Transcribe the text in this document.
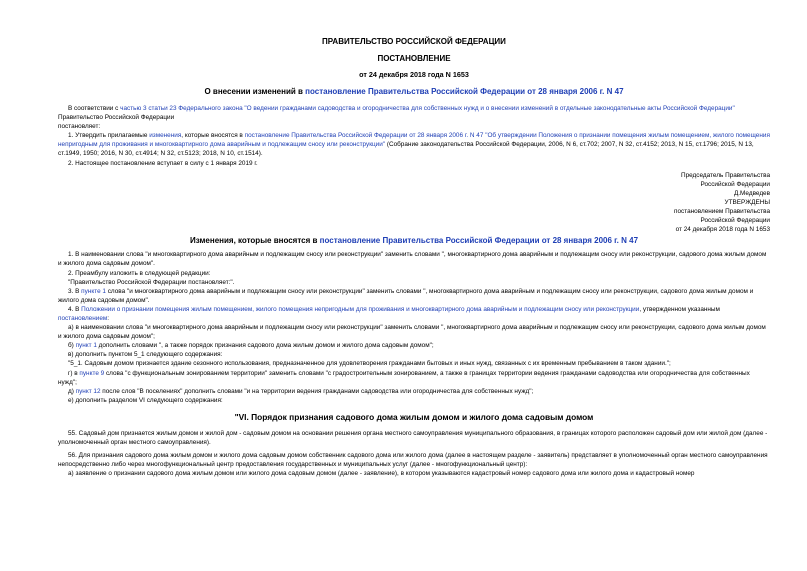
ПРАВИТЕЛЬСТВО РОССИЙСКОЙ ФЕДЕРАЦИИ

ПОСТАНОВЛЕНИЕ

от 24 декабря 2018 года N 1653

О внесении изменений в постановление Правительства Российской Федерации от 28 января 2006 г. N 47

В соответствии с частью 3 статьи 23 Федерального закона "О ведении гражданами садоводства и огородничества для собственных нужд и о внесении изменений в отдельные законодательные акты Российской Федерации" Правительство Российской Федерации

постановляет:

1. Утвердить прилагаемые изменения, которые вносятся в постановление Правительства Российской Федерации от 28 января 2006 г. N 47 "Об утверждении Положения о признании помещения жилым помещением, жилого помещения непригодным для проживания и многоквартирного дома аварийным и подлежащим сносу или реконструкции" (Собрание законодательства Российской Федерации, 2006, N 6, ст.702; 2007, N 32, ст.4152; 2013, N 15, ст.1796; 2015, N 13, ст.1949, 1950; 2016, N 30, ст.4914; N 32, ст.5123; 2018, N 10, ст.1514).

2. Настоящее постановление вступает в силу с 1 января 2019 г.

Председатель Правительства

Российской Федерации

Д.Медведев

УТВЕРЖДЕНЫ

постановлением Правительства

Российской Федерации

от 24 декабря 2018 года N 1653

Изменения, которые вносятся в постановление Правительства Российской Федерации от 28 января 2006 г. N 47

1. В наименовании слова "и многоквартирного дома аварийным и подлежащим сносу или реконструкции" заменить словами ", многоквартирного дома аварийным и подлежащим сносу или реконструкции, садового дома жилым домом и жилого дома садовым домом".

2. Преамбулу изложить в следующей редакции:

"Правительство Российской Федерации постановляет:".

3. В пункте 1 слова "и многоквартирного дома аварийным и подлежащим сносу или реконструкции" заменить словами ", многоквартирного дома аварийным и подлежащим сносу или реконструкции, садового дома жилым домом и жилого дома садовым домом".

4. В Положении о признании помещения жилым помещением, жилого помещения непригодным для проживания и многоквартирного дома аварийным и подлежащим сносу или реконструкции, утвержденном указанным постановлением:

а) в наименовании слова "и многоквартирного дома аварийным и подлежащим сносу или реконструкции" заменить словами ", многоквартирного дома аварийным и подлежащим сносу или реконструкции, садового дома жилым домом и жилого дома садовым домом";

б) пункт 1 дополнить словами ", а также порядок признания садового дома жилым домом и жилого дома садовым домом";

в) дополнить пунктом 5_1 следующего содержания:

"5_1. Садовым домом признается здание сезонного использования, предназначенное для удовлетворения гражданами бытовых и иных нужд, связанных с их временным пребыванием в таком здании.";

г) в пункте 9 слова "с функциональным зонированием территории" заменить словами "с градостроительным зонированием, а также в границах территории ведения гражданами садоводства или огородничества для собственных нужд";

д) пункт 12 после слов "В поселениях" дополнить словами "и на территории ведения гражданами садоводства или огородничества для собственных нужд";

е) дополнить разделом VI следующего содержания:

"VI. Порядок признания садового дома жилым домом и жилого дома садовым домом

55. Садовый дом признается жилым домом и жилой дом - садовым домом на основании решения органа местного самоуправления муниципального образования, в границах которого расположен садовый дом или жилой дом (далее - уполномоченный орган местного самоуправления).

56. Для признания садового дома жилым домом и жилого дома садовым домом собственник садового дома или жилого дома (далее в настоящем разделе - заявитель) представляет в уполномоченный орган местного самоуправления непосредственно либо через многофункциональный центр предоставления государственных и муниципальных услуг (далее - многофункциональный центр):

а) заявление о признании садового дома жилым домом или жилого дома садовым домом (далее - заявление), в котором указываются кадастровый номер садового дома или жилого дома и кадастровый номер
